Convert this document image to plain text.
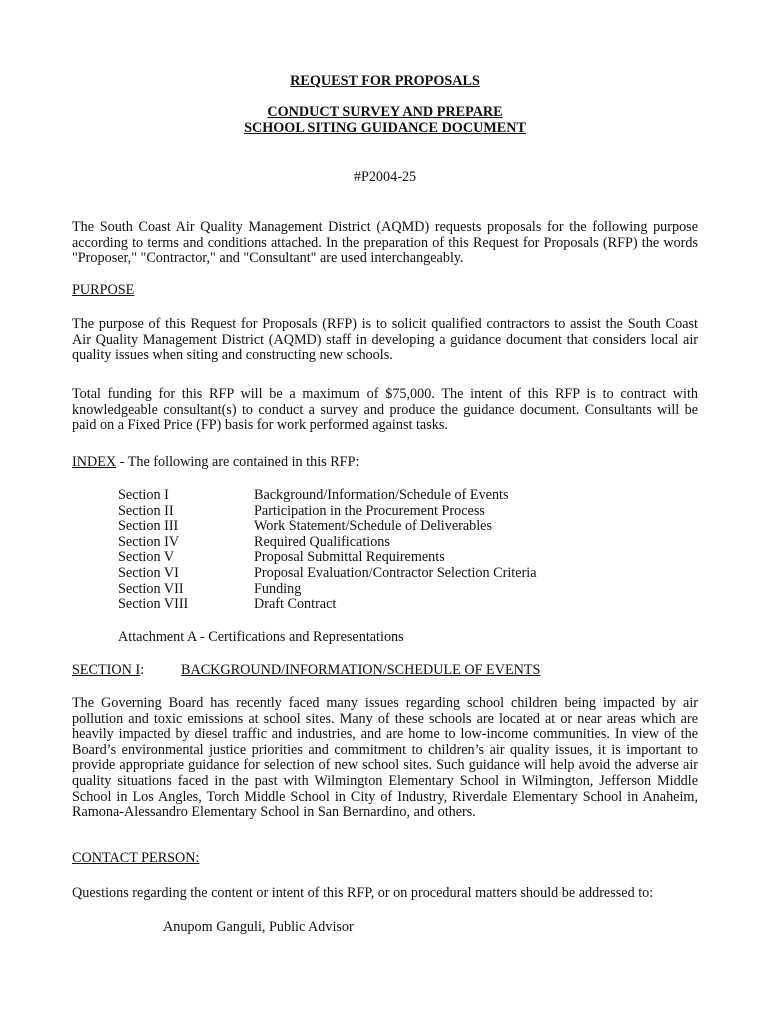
REQUEST FOR PROPOSALS
CONDUCT SURVEY AND PREPARE
SCHOOL SITING GUIDANCE DOCUMENT
#P2004-25

The South Coast Air Quality Management District (AQMD) requests proposals for the following purpose according to terms and conditions attached. In the preparation of this Request for Proposals (RFP) the words "Proposer," "Contractor," and "Consultant" are used interchangeably.

PURPOSE

The purpose of this Request for Proposals (RFP) is to solicit qualified contractors to assist the South Coast Air Quality Management District (AQMD) staff in developing a guidance document that considers local air quality issues when siting and constructing new schools.

Total funding for this RFP will be a maximum of $75,000. The intent of this RFP is to contract with knowledgeable consultant(s) to conduct a survey and produce the guidance document. Consultants will be paid on a Fixed Price (FP) basis for work performed against tasks.

INDEX - The following are contained in this RFP:

Section I	Background/Information/Schedule of Events
Section II	Participation in the Procurement Process
Section III	Work Statement/Schedule of Deliverables
Section IV	Required Qualifications
Section V	Proposal Submittal Requirements
Section VI	Proposal Evaluation/Contractor Selection Criteria
Section VII	Funding
Section VIII	Draft Contract
Attachment A - Certifications and Representations
SECTION I:	BACKGROUND/INFORMATION/SCHEDULE OF EVENTS

The Governing Board has recently faced many issues regarding school children being impacted by air pollution and toxic emissions at school sites. Many of these schools are located at or near areas which are heavily impacted by diesel traffic and industries, and are home to low-income communities. In view of the Board’s environmental justice priorities and commitment to children’s air quality issues, it is important to provide appropriate guidance for selection of new school sites. Such guidance will help avoid the adverse air quality situations faced in the past with Wilmington Elementary School in Wilmington, Jefferson Middle School in Los Angles, Torch Middle School in City of Industry, Riverdale Elementary School in Anaheim, Ramona-Alessandro Elementary School in San Bernardino, and others.

CONTACT PERSON:

Questions regarding the content or intent of this RFP, or on procedural matters should be addressed to:

Anupom Ganguli, Public Advisor
